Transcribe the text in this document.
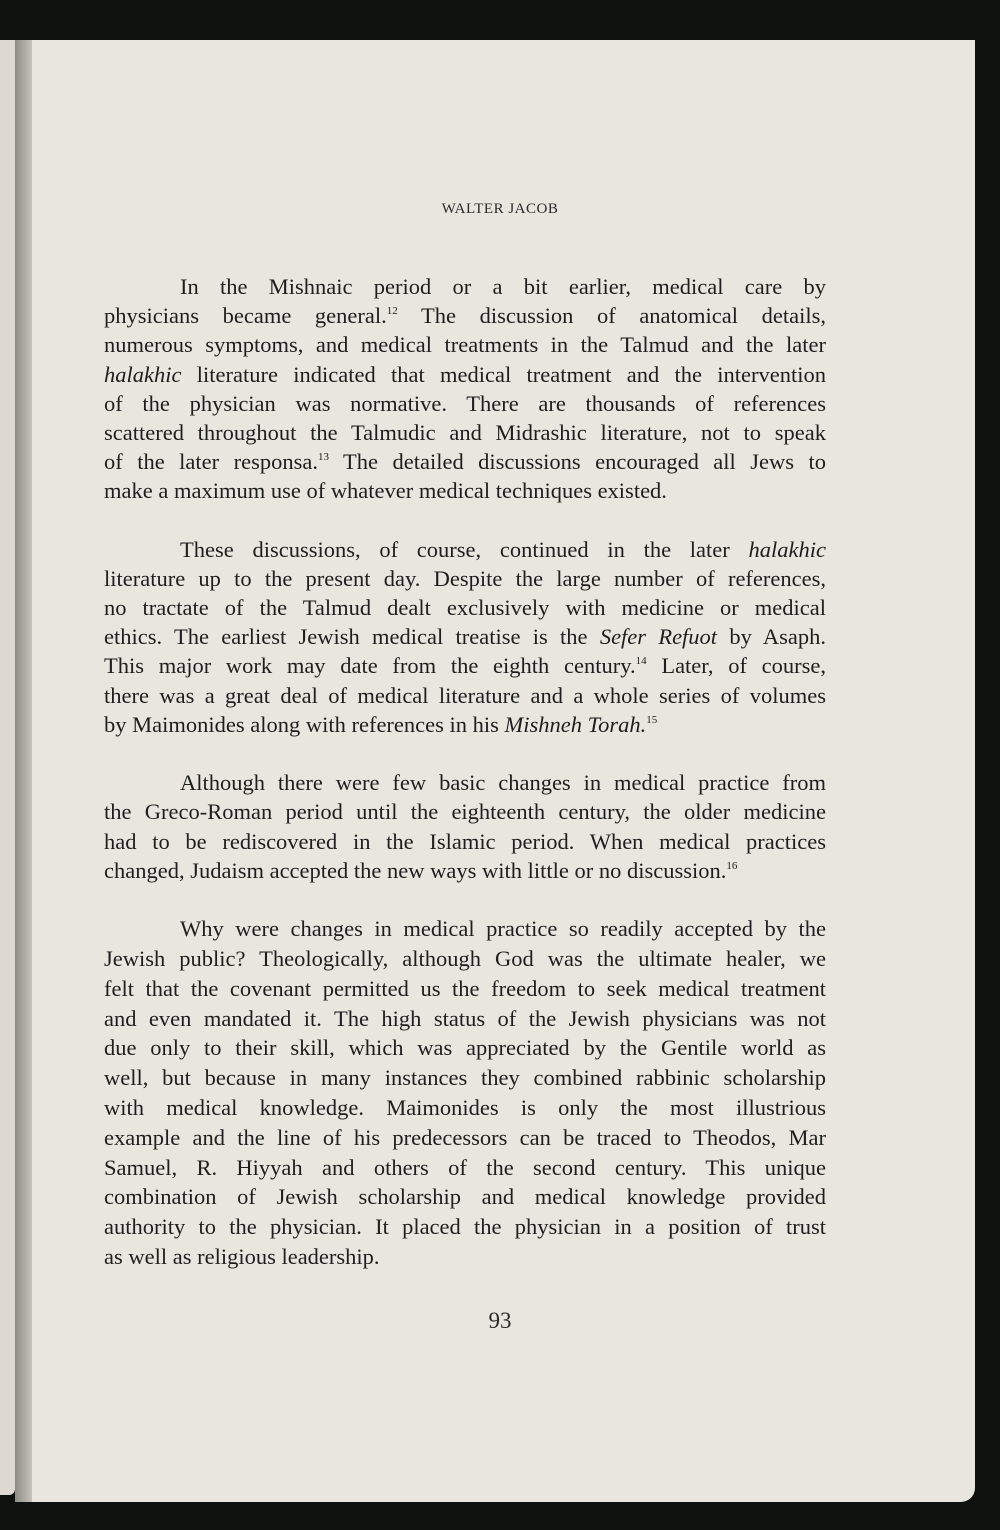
WALTER JACOB
In the Mishnaic period or a bit earlier, medical care by
physicians became general.$^{12}$ The discussion of anatomical details,
numerous symptoms, and medical treatments in the Talmud and the later
halakhic literature indicated that medical treatment and the intervention
of the physician was normative. There are thousands of references
scattered throughout the Talmudic and Midrashic literature, not to speak
of the later responsa.$^{13}$ The detailed discussions encouraged all Jews to
make a maximum use of whatever medical techniques existed.
These discussions, of course, continued in the later halakhic
literature up to the present day. Despite the large number of references,
no tractate of the Talmud dealt exclusively with medicine or medical
ethics. The earliest Jewish medical treatise is the Sefer Refuot by Asaph.
This major work may date from the eighth century.$^{14}$ Later, of course,
there was a great deal of medical literature and a whole series of volumes
by Maimonides along with references in his Mishneh Torah.$^{15}$
Although there were few basic changes in medical practice from
the Greco-Roman period until the eighteenth century, the older medicine
had to be rediscovered in the Islamic period. When medical practices
changed, Judaism accepted the new ways with little or no discussion.$^{16}$
Why were changes in medical practice so readily accepted by the
Jewish public? Theologically, although God was the ultimate healer, we
felt that the covenant permitted us the freedom to seek medical treatment
and even mandated it. The high status of the Jewish physicians was not
due only to their skill, which was appreciated by the Gentile world as
well, but because in many instances they combined rabbinic scholarship
with medical knowledge. Maimonides is only the most illustrious
example and the line of his predecessors can be traced to Theodos, Mar
Samuel, R. Hiyyah and others of the second century. This unique
combination of Jewish scholarship and medical knowledge provided
authority to the physician. It placed the physician in a position of trust
as well as religious leadership.
93
